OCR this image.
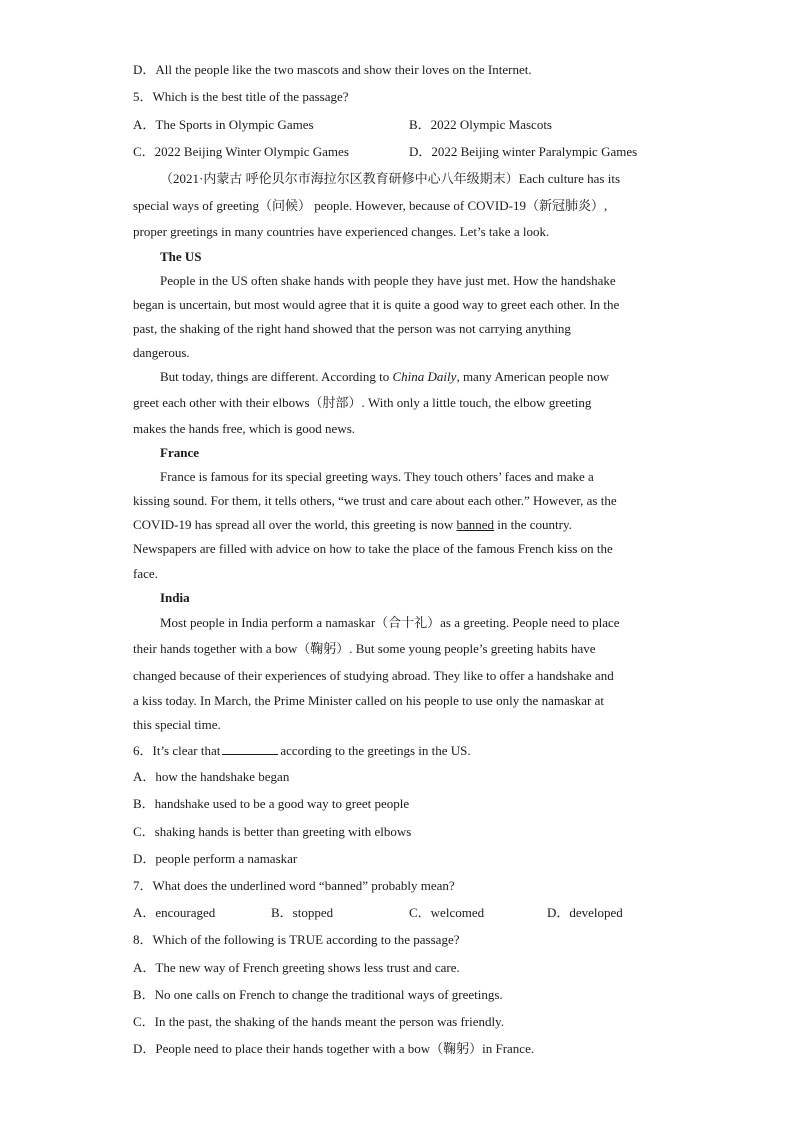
D．All the people like the two mascots and show their loves on the Internet.
5．Which is the best title of the passage?
A．The Sports in Olympic Games	B．2022 Olympic Mascots
C．2022 Beijing Winter Olympic Games	D．2022 Beijing winter Paralympic Games
（2021·内蒙古 呼伦贝尔市海拉尔区教育研修中心八年级期末）Each culture has its
special ways of greeting（问候） people. However, because of COVID-19（新冠肺炎）,
proper greetings in many countries have experienced changes. Let’s take a look.
The US
People in the US often shake hands with people they have just met. How the handshake
began is uncertain, but most would agree that it is quite a good way to greet each other. In the
past, the shaking of the right hand showed that the person was not carrying anything
dangerous.
But today, things are different. According to China Daily, many American people now
greet each other with their elbows（肘部）. With only a little touch, the elbow greeting
makes the hands free, which is good news.
France
France is famous for its special greeting ways. They touch others’ faces and make a
kissing sound. For them, it tells others, “we trust and care about each other.” However, as the
COVID-19 has spread all over the world, this greeting is now banned in the country.
Newspapers are filled with advice on how to take the place of the famous French kiss on the
face.
India
Most people in India perform a namaskar（合十礼）as a greeting. People need to place
their hands together with a bow（鞠躬）. But some young people’s greeting habits have
changed because of their experiences of studying abroad. They like to offer a handshake and
a kiss today. In March, the Prime Minister called on his people to use only the namaskar at
this special time.
6．It’s clear that	according to the greetings in the US.
A．how the handshake began
B．handshake used to be a good way to greet people
C．shaking hands is better than greeting with elbows
D．people perform a namaskar
7．What does the underlined word “banned” probably mean?
A．encouraged	B．stopped	C．welcomed	D．developed
8．Which of the following is TRUE according to the passage?
A．The new way of French greeting shows less trust and care.
B．No one calls on French to change the traditional ways of greetings.
C．In the past, the shaking of the hands meant the person was friendly.
D．People need to place their hands together with a bow（鞠躬）in France.
